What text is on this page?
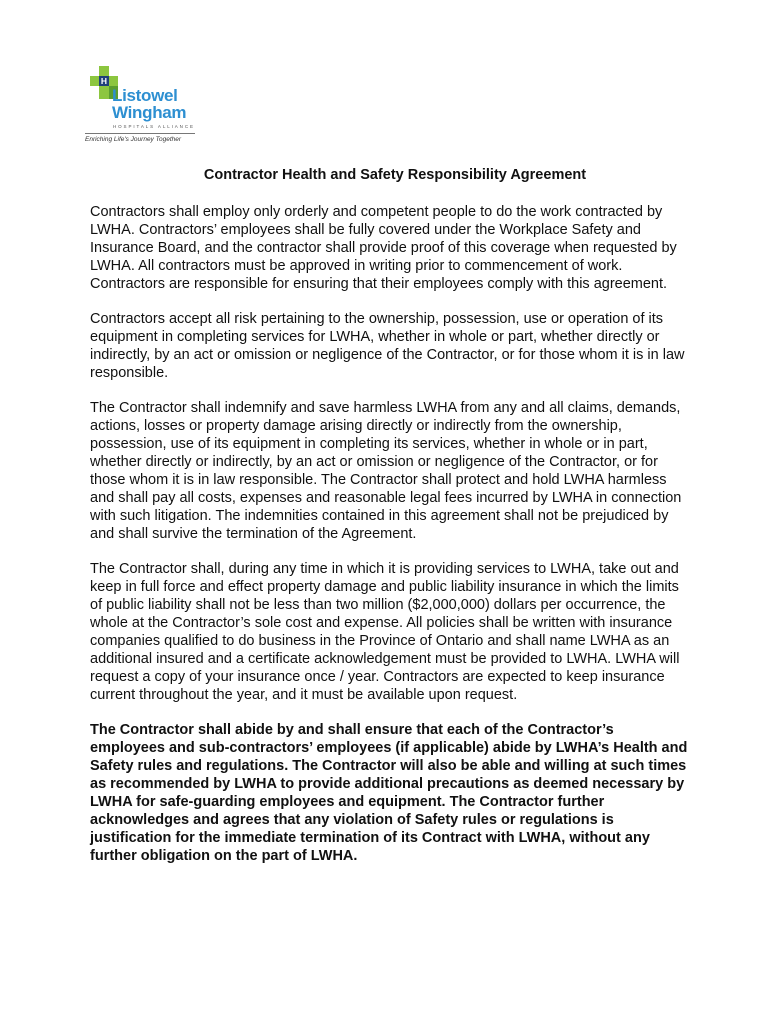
H
Listowel
Wingham
HOSPITALS ALLIANCE
Enriching Life's Journey Together
Contractor Health and Safety Responsibility Agreement

Contractors shall employ only orderly and competent people to do the work contracted by LWHA. Contractors’ employees shall be fully covered under the Workplace Safety and Insurance Board, and the contractor shall provide proof of this coverage when requested by LWHA. All contractors must be approved in writing prior to commencement of work. Contractors are responsible for ensuring that their employees comply with this agreement.

Contractors accept all risk pertaining to the ownership, possession, use or operation of its equipment in completing services for LWHA, whether in whole or part, whether directly or indirectly, by an act or omission or negligence of the Contractor, or for those whom it is in law responsible.

The Contractor shall indemnify and save harmless LWHA from any and all claims, demands, actions, losses or property damage arising directly or indirectly from the ownership, possession, use of its equipment in completing its services, whether in whole or in part, whether directly or indirectly, by an act or omission or negligence of the Contractor, or for those whom it is in law responsible. The Contractor shall protect and hold LWHA harmless and shall pay all costs, expenses and reasonable legal fees incurred by LWHA in connection with such litigation. The indemnities contained in this agreement shall not be prejudiced by and shall survive the termination of the Agreement.

The Contractor shall, during any time in which it is providing services to LWHA, take out and keep in full force and effect property damage and public liability insurance in which the limits of public liability shall not be less than two million ($2,000,000) dollars per occurrence, the whole at the Contractor’s sole cost and expense. All policies shall be written with insurance companies qualified to do business in the Province of Ontario and shall name LWHA as an additional insured and a certificate acknowledgement must be provided to LWHA. LWHA will request a copy of your insurance once / year. Contractors are expected to keep insurance current throughout the year, and it must be available upon request.

The Contractor shall abide by and shall ensure that each of the Contractor’s employees and sub-contractors’ employees (if applicable) abide by LWHA’s Health and Safety rules and regulations. The Contractor will also be able and willing at such times as recommended by LWHA to provide additional precautions as deemed necessary by LWHA for safe-guarding employees and equipment. The Contractor further acknowledges and agrees that any violation of Safety rules or regulations is justification for the immediate termination of its Contract with LWHA, without any further obligation on the part of LWHA.
